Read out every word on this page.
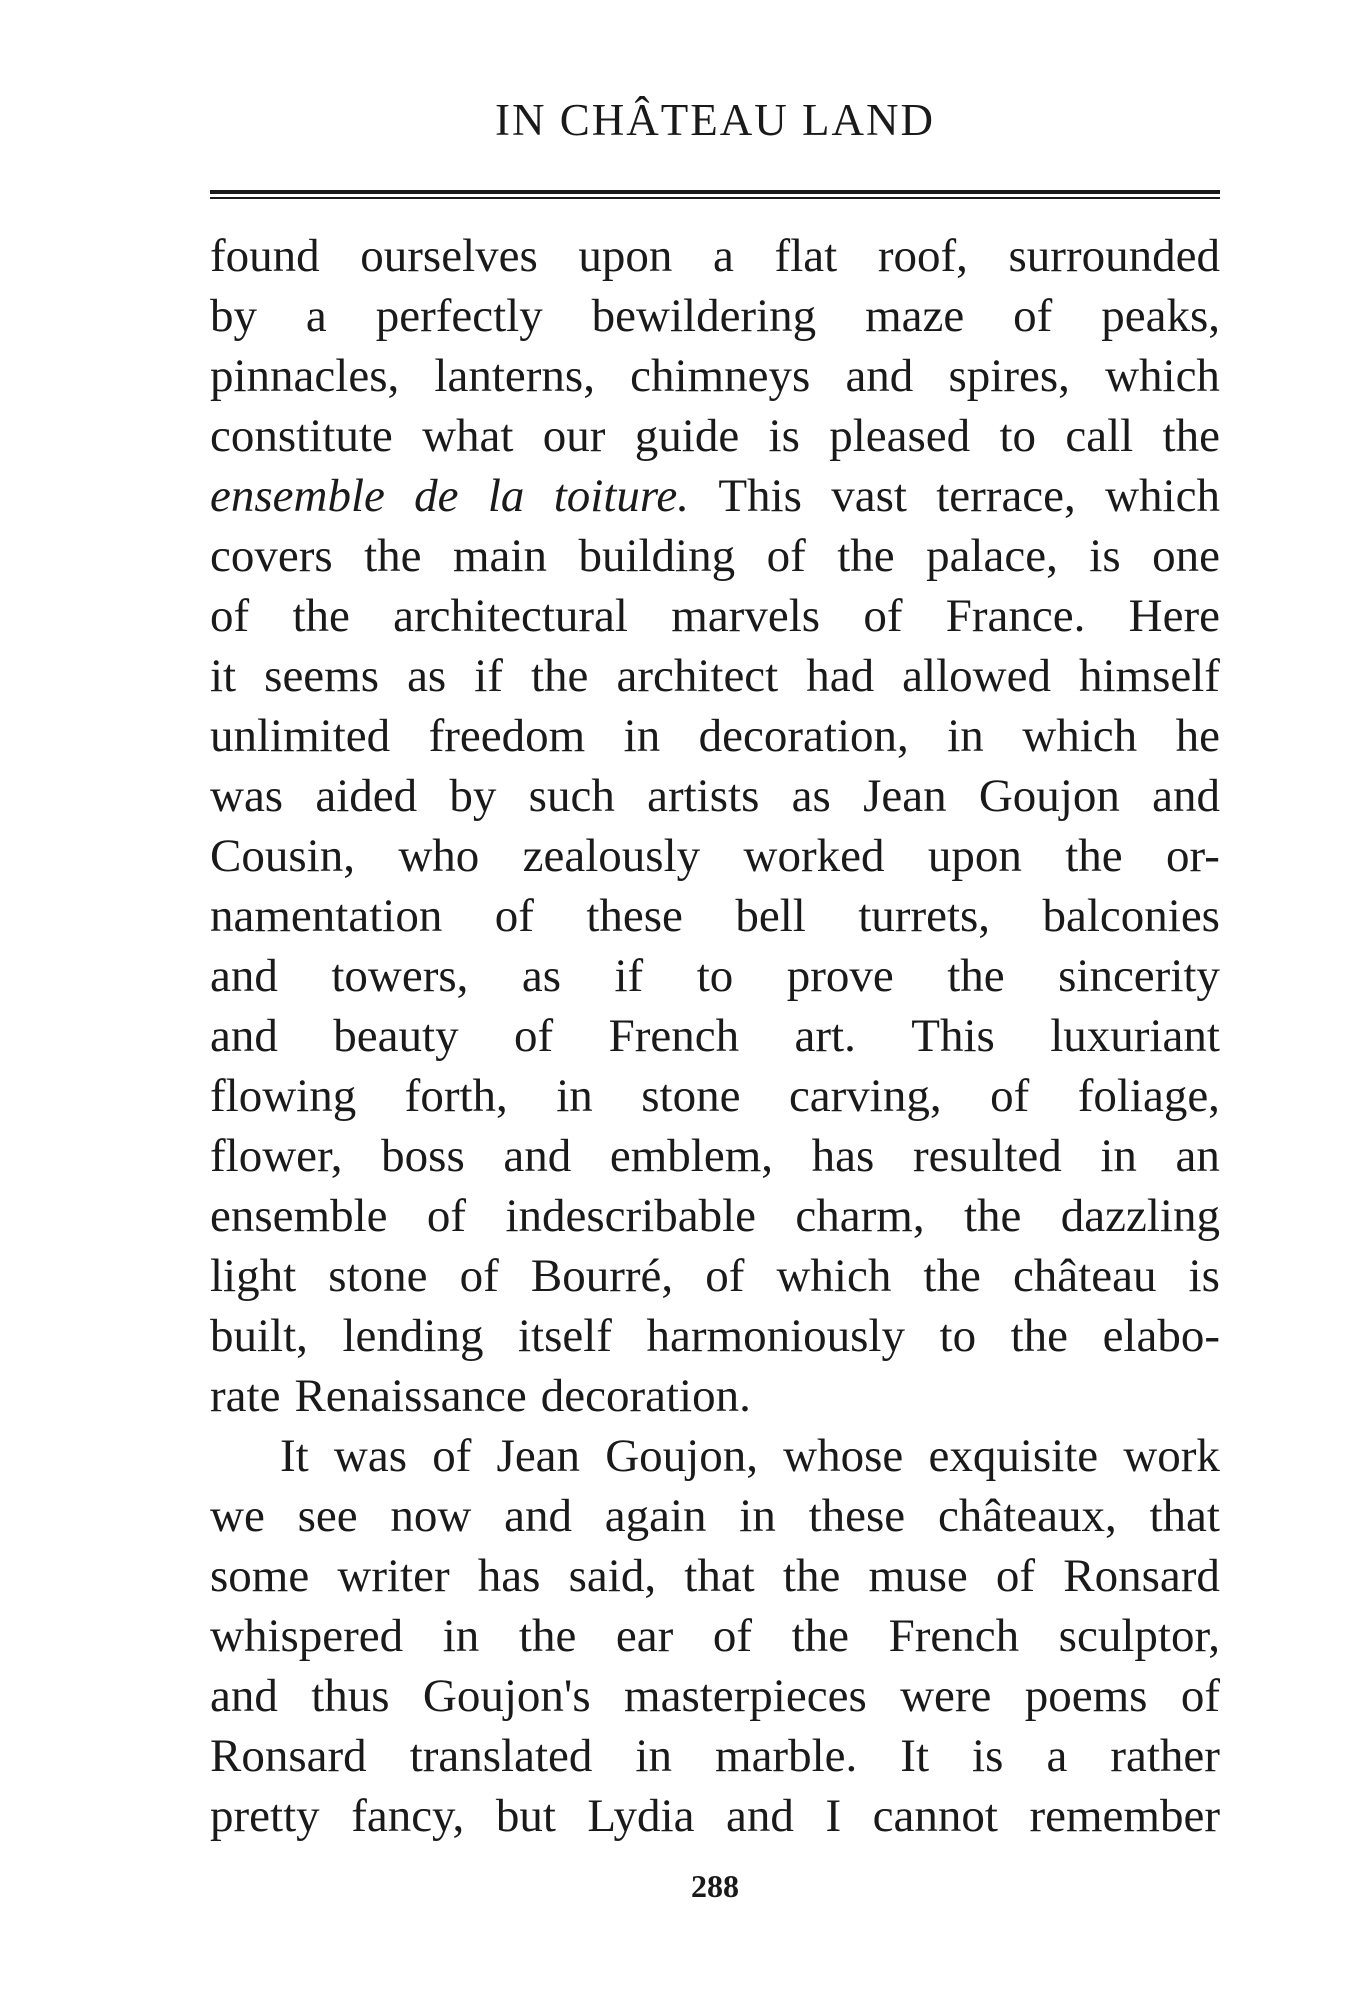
IN CHÂTEAU LAND
found ourselves upon a flat roof, surrounded
by a perfectly bewildering maze of peaks,
pinnacles, lanterns, chimneys and spires, which
constitute what our guide is pleased to call the
ensemble de la toiture. This vast terrace, which
covers the main building of the palace, is one
of the architectural marvels of France. Here
it seems as if the architect had allowed himself
unlimited freedom in decoration, in which he
was aided by such artists as Jean Goujon and
Cousin, who zealously worked upon the or-
namentation of these bell turrets, balconies
and towers, as if to prove the sincerity
and beauty of French art. This luxuriant
flowing forth, in stone carving, of foliage,
flower, boss and emblem, has resulted in an
ensemble of indescribable charm, the dazzling
light stone of Bourré, of which the château is
built, lending itself harmoniously to the elabo-
rate Renaissance decoration.
It was of Jean Goujon, whose exquisite work
we see now and again in these châteaux, that
some writer has said, that the muse of Ronsard
whispered in the ear of the French sculptor,
and thus Goujon's masterpieces were poems of
Ronsard translated in marble. It is a rather
pretty fancy, but Lydia and I cannot remember
288
